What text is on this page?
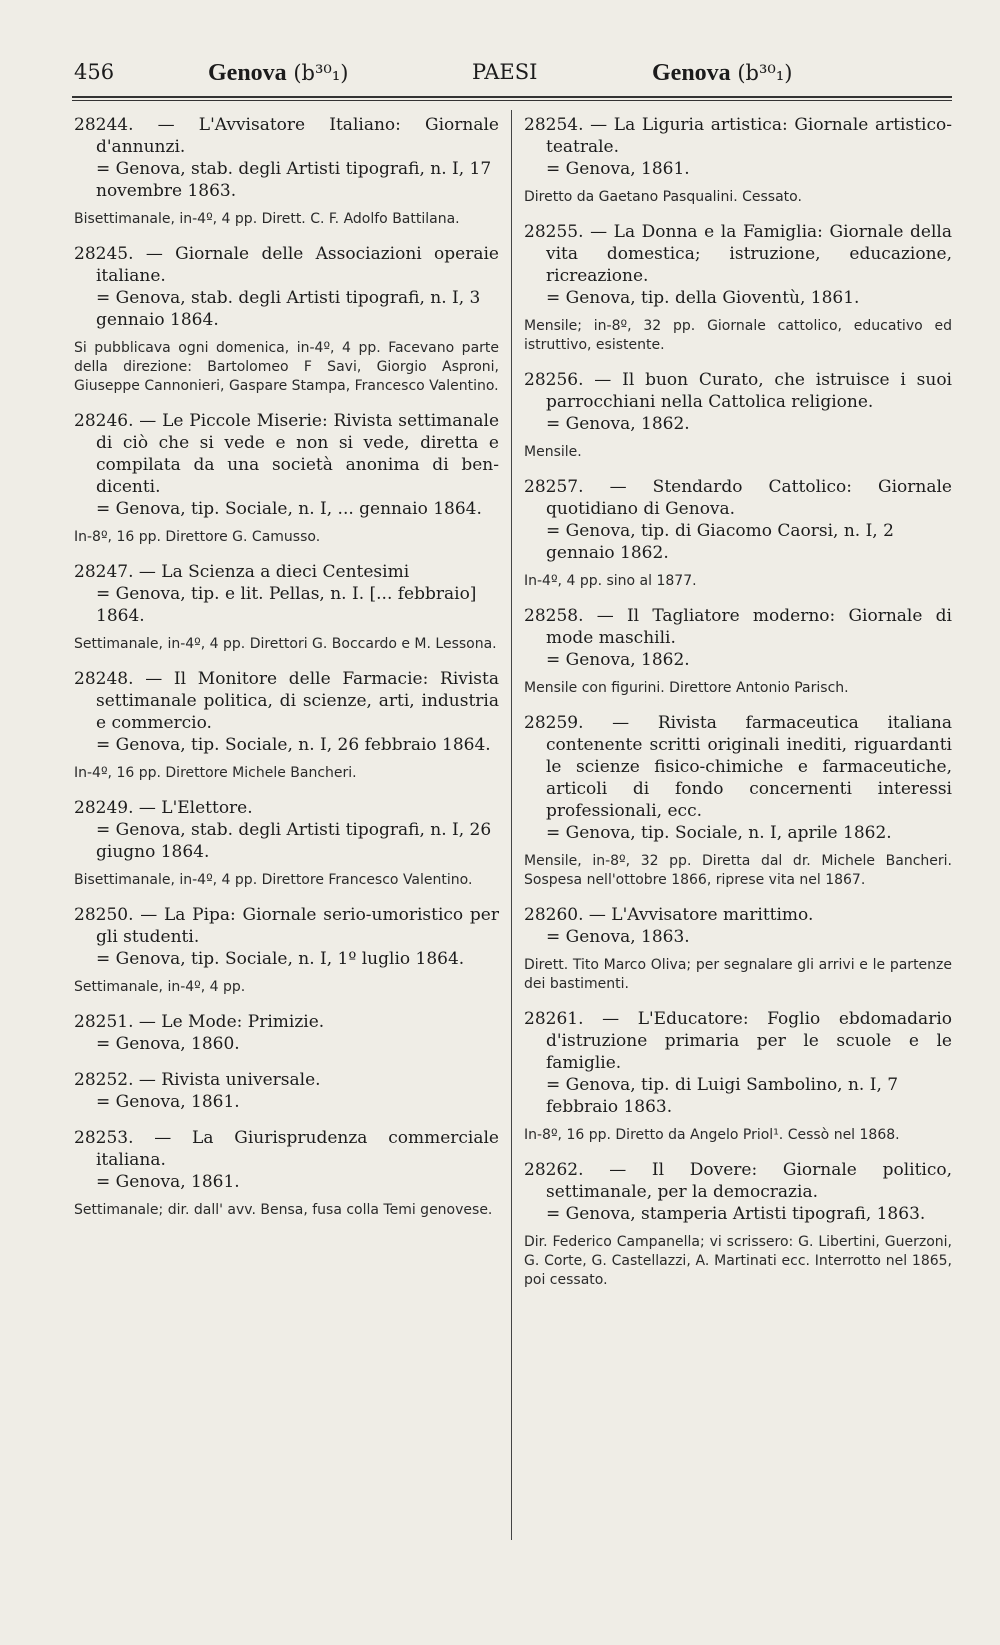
456	Genova (b³⁰₁)	PAESI	Genova (b³⁰₁)

28244. — L'Avvisatore Italiano: Giornale d'annunzi.

= Genova, stab. degli Artisti tipografi, n. I, 17 novembre 1863.

Bisettimanale, in-4º, 4 pp. Dirett. C. F. Adolfo Battilana.

28245. — Giornale delle Associazioni operaie italiane.

= Genova, stab. degli Artisti tipografi, n. I, 3 gennaio 1864.

Si pubblicava ogni domenica, in-4º, 4 pp. Facevano parte della direzione: Bartolomeo F Savi, Giorgio Asproni, Giuseppe Cannonieri, Gaspare Stampa, Francesco Valentino.

28246. — Le Piccole Miserie: Rivista settimanale di ciò che si vede e non si vede, diretta e compilata da una società anonima di ben-dicenti.

= Genova, tip. Sociale, n. I, ... gennaio 1864.

In-8º, 16 pp. Direttore G. Camusso.

28247. — La Scienza a dieci Centesimi

= Genova, tip. e lit. Pellas, n. I. [... febbraio] 1864.

Settimanale, in-4º, 4 pp. Direttori G. Boccardo e M. Lessona.

28248. — Il Monitore delle Farmacie: Rivista settimanale politica, di scienze, arti, industria e commercio.

= Genova, tip. Sociale, n. I, 26 febbraio 1864.

In-4º, 16 pp. Direttore Michele Bancheri.

28249. — L'Elettore.

= Genova, stab. degli Artisti tipografi, n. I, 26 giugno 1864.

Bisettimanale, in-4º, 4 pp. Direttore Francesco Valentino.

28250. — La Pipa: Giornale serio-umoristico per gli studenti.

= Genova, tip. Sociale, n. I, 1º luglio 1864.

Settimanale, in-4º, 4 pp.

28251. — Le Mode: Primizie.

= Genova, 1860.

28252. — Rivista universale.

= Genova, 1861.

28253. — La Giurisprudenza commerciale italiana.

= Genova, 1861.

Settimanale; dir. dall' avv. Bensa, fusa colla Temi genovese.

28254. — La Liguria artistica: Giornale artistico-teatrale.

= Genova, 1861.

Diretto da Gaetano Pasqualini. Cessato.

28255. — La Donna e la Famiglia: Giornale della vita domestica; istruzione, educazione, ricreazione.

= Genova, tip. della Gioventù, 1861.

Mensile; in-8º, 32 pp. Giornale cattolico, educativo ed istruttivo, esistente.

28256. — Il buon Curato, che istruisce i suoi parrocchiani nella Cattolica religione.

= Genova, 1862.

Mensile.

28257. — Stendardo Cattolico: Giornale quotidiano di Genova.

= Genova, tip. di Giacomo Caorsi, n. I, 2 gennaio 1862.

In-4º, 4 pp. sino al 1877.

28258. — Il Tagliatore moderno: Giornale di mode maschili.

= Genova, 1862.

Mensile con figurini. Direttore Antonio Parisch.

28259. — Rivista farmaceutica italiana contenente scritti originali inediti, riguardanti le scienze fisico-chimiche e farmaceutiche, articoli di fondo concernenti interessi professionali, ecc.

= Genova, tip. Sociale, n. I, aprile 1862.

Mensile, in-8º, 32 pp. Diretta dal dr. Michele Bancheri. Sospesa nell'ottobre 1866, riprese vita nel 1867.

28260. — L'Avvisatore marittimo.

= Genova, 1863.

Dirett. Tito Marco Oliva; per segnalare gli arrivi e le partenze dei bastimenti.

28261. — L'Educatore: Foglio ebdomadario d'istruzione primaria per le scuole e le famiglie.

= Genova, tip. di Luigi Sambolino, n. I, 7 febbraio 1863.

In-8º, 16 pp. Diretto da Angelo Priol¹. Cessò nel 1868.

28262. — Il Dovere: Giornale politico, settimanale, per la democrazia.

= Genova, stamperia Artisti tipografi, 1863.

Dir. Federico Campanella; vi scrissero: G. Libertini, Guerzoni, G. Corte, G. Castellazzi, A. Martinati ecc. Interrotto nel 1865, poi cessato.
